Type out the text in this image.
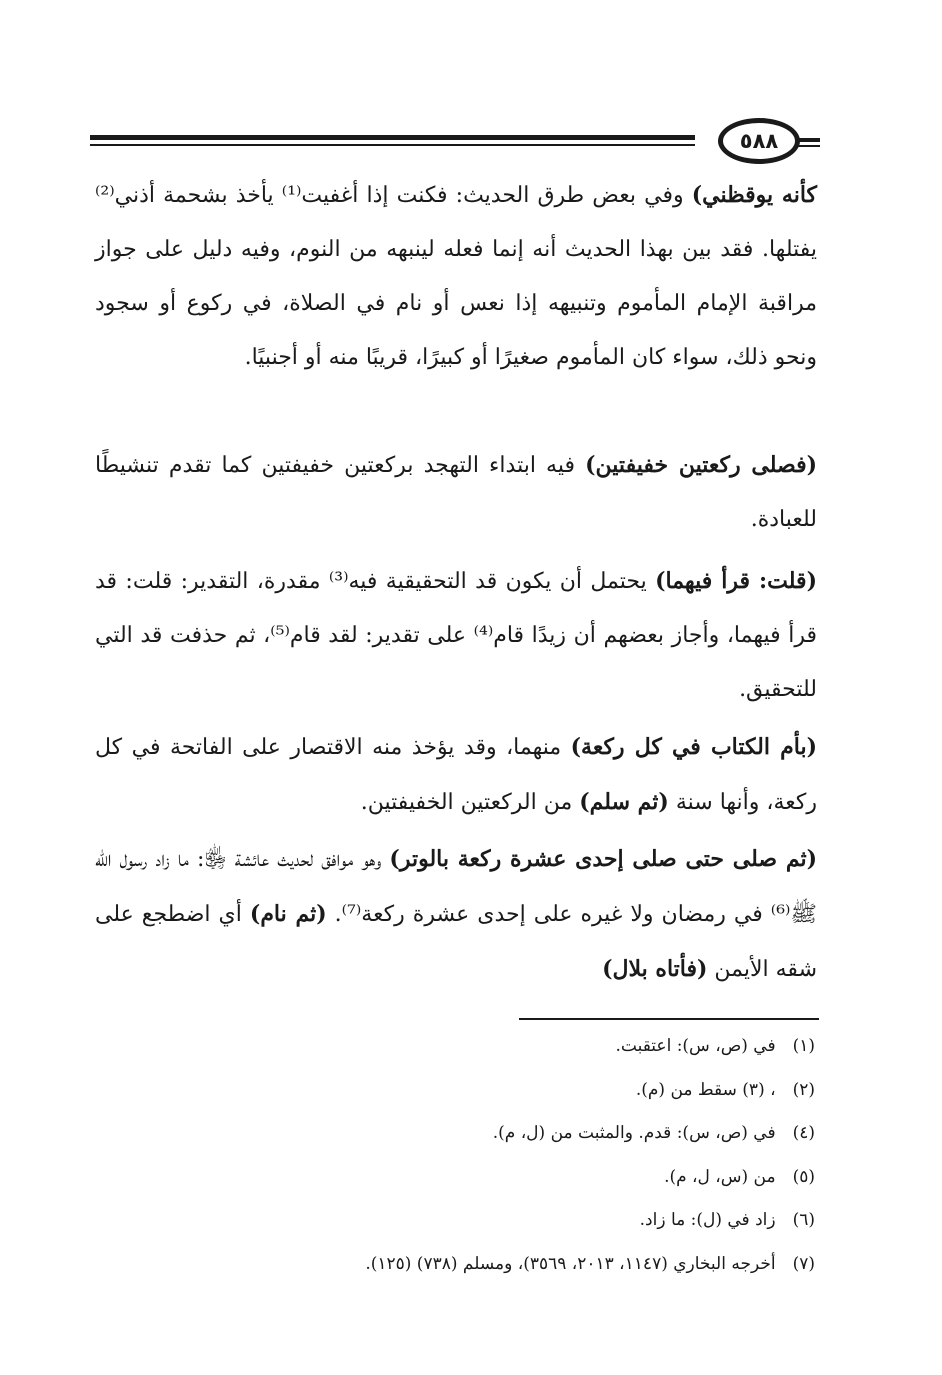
٥٨٨

كأنه يوقظني) وفي بعض طرق الحديث: فكنت إذا أغفيت⁽¹⁾ يأخذ بشحمة أذني⁽²⁾ يفتلها. فقد بين بهذا الحديث أنه إنما فعله لينبهه من النوم، وفيه دليل على جواز مراقبة الإمام المأموم وتنبيهه إذا نعس أو نام في الصلاة، في ركوع أو سجود ونحو ذلك، سواء كان المأموم صغيرًا أو كبيرًا، قريبًا منه أو أجنبيًا.

(فصلى ركعتين خفيفتين) فيه ابتداء التهجد بركعتين خفيفتين كما تقدم تنشيطًا للعبادة.

(قلت: قرأ فيهما) يحتمل أن يكون قد التحقيقية فيه⁽³⁾ مقدرة، التقدير: قلت: قد قرأ فيهما، وأجاز بعضهم أن زيدًا قام⁽⁴⁾ على تقدير: لقد قام⁽⁵⁾، ثم حذفت قد التي للتحقيق.

(بأم الكتاب في كل ركعة) منهما، وقد يؤخذ منه الاقتصار على الفاتحة في كل ركعة، وأنها سنة (ثم سلم) من الركعتين الخفيفتين.

(ثم صلى حتى صلى إحدى عشرة ركعة بالوتر) وهو موافق لحديث عائشة ﵂: ما زاد رسول الله ﷺ⁽⁶⁾ في رمضان ولا غيره على إحدى عشرة ركعة⁽⁷⁾. (ثم نام) أي اضطجع على شقه الأيمن (فأتاه بلال)

(١) في (ص، س): اعتقبت.

(٢) ، (٣) سقط من (م).

(٤) في (ص، س): قدم. والمثبت من (ل، م).

(٥) من (س، ل، م).

(٦) زاد في (ل): ما زاد.

(٧) أخرجه البخاري (١١٤٧، ٢٠١٣، ٣٥٦٩)، ومسلم (٧٣٨) (١٢٥).
